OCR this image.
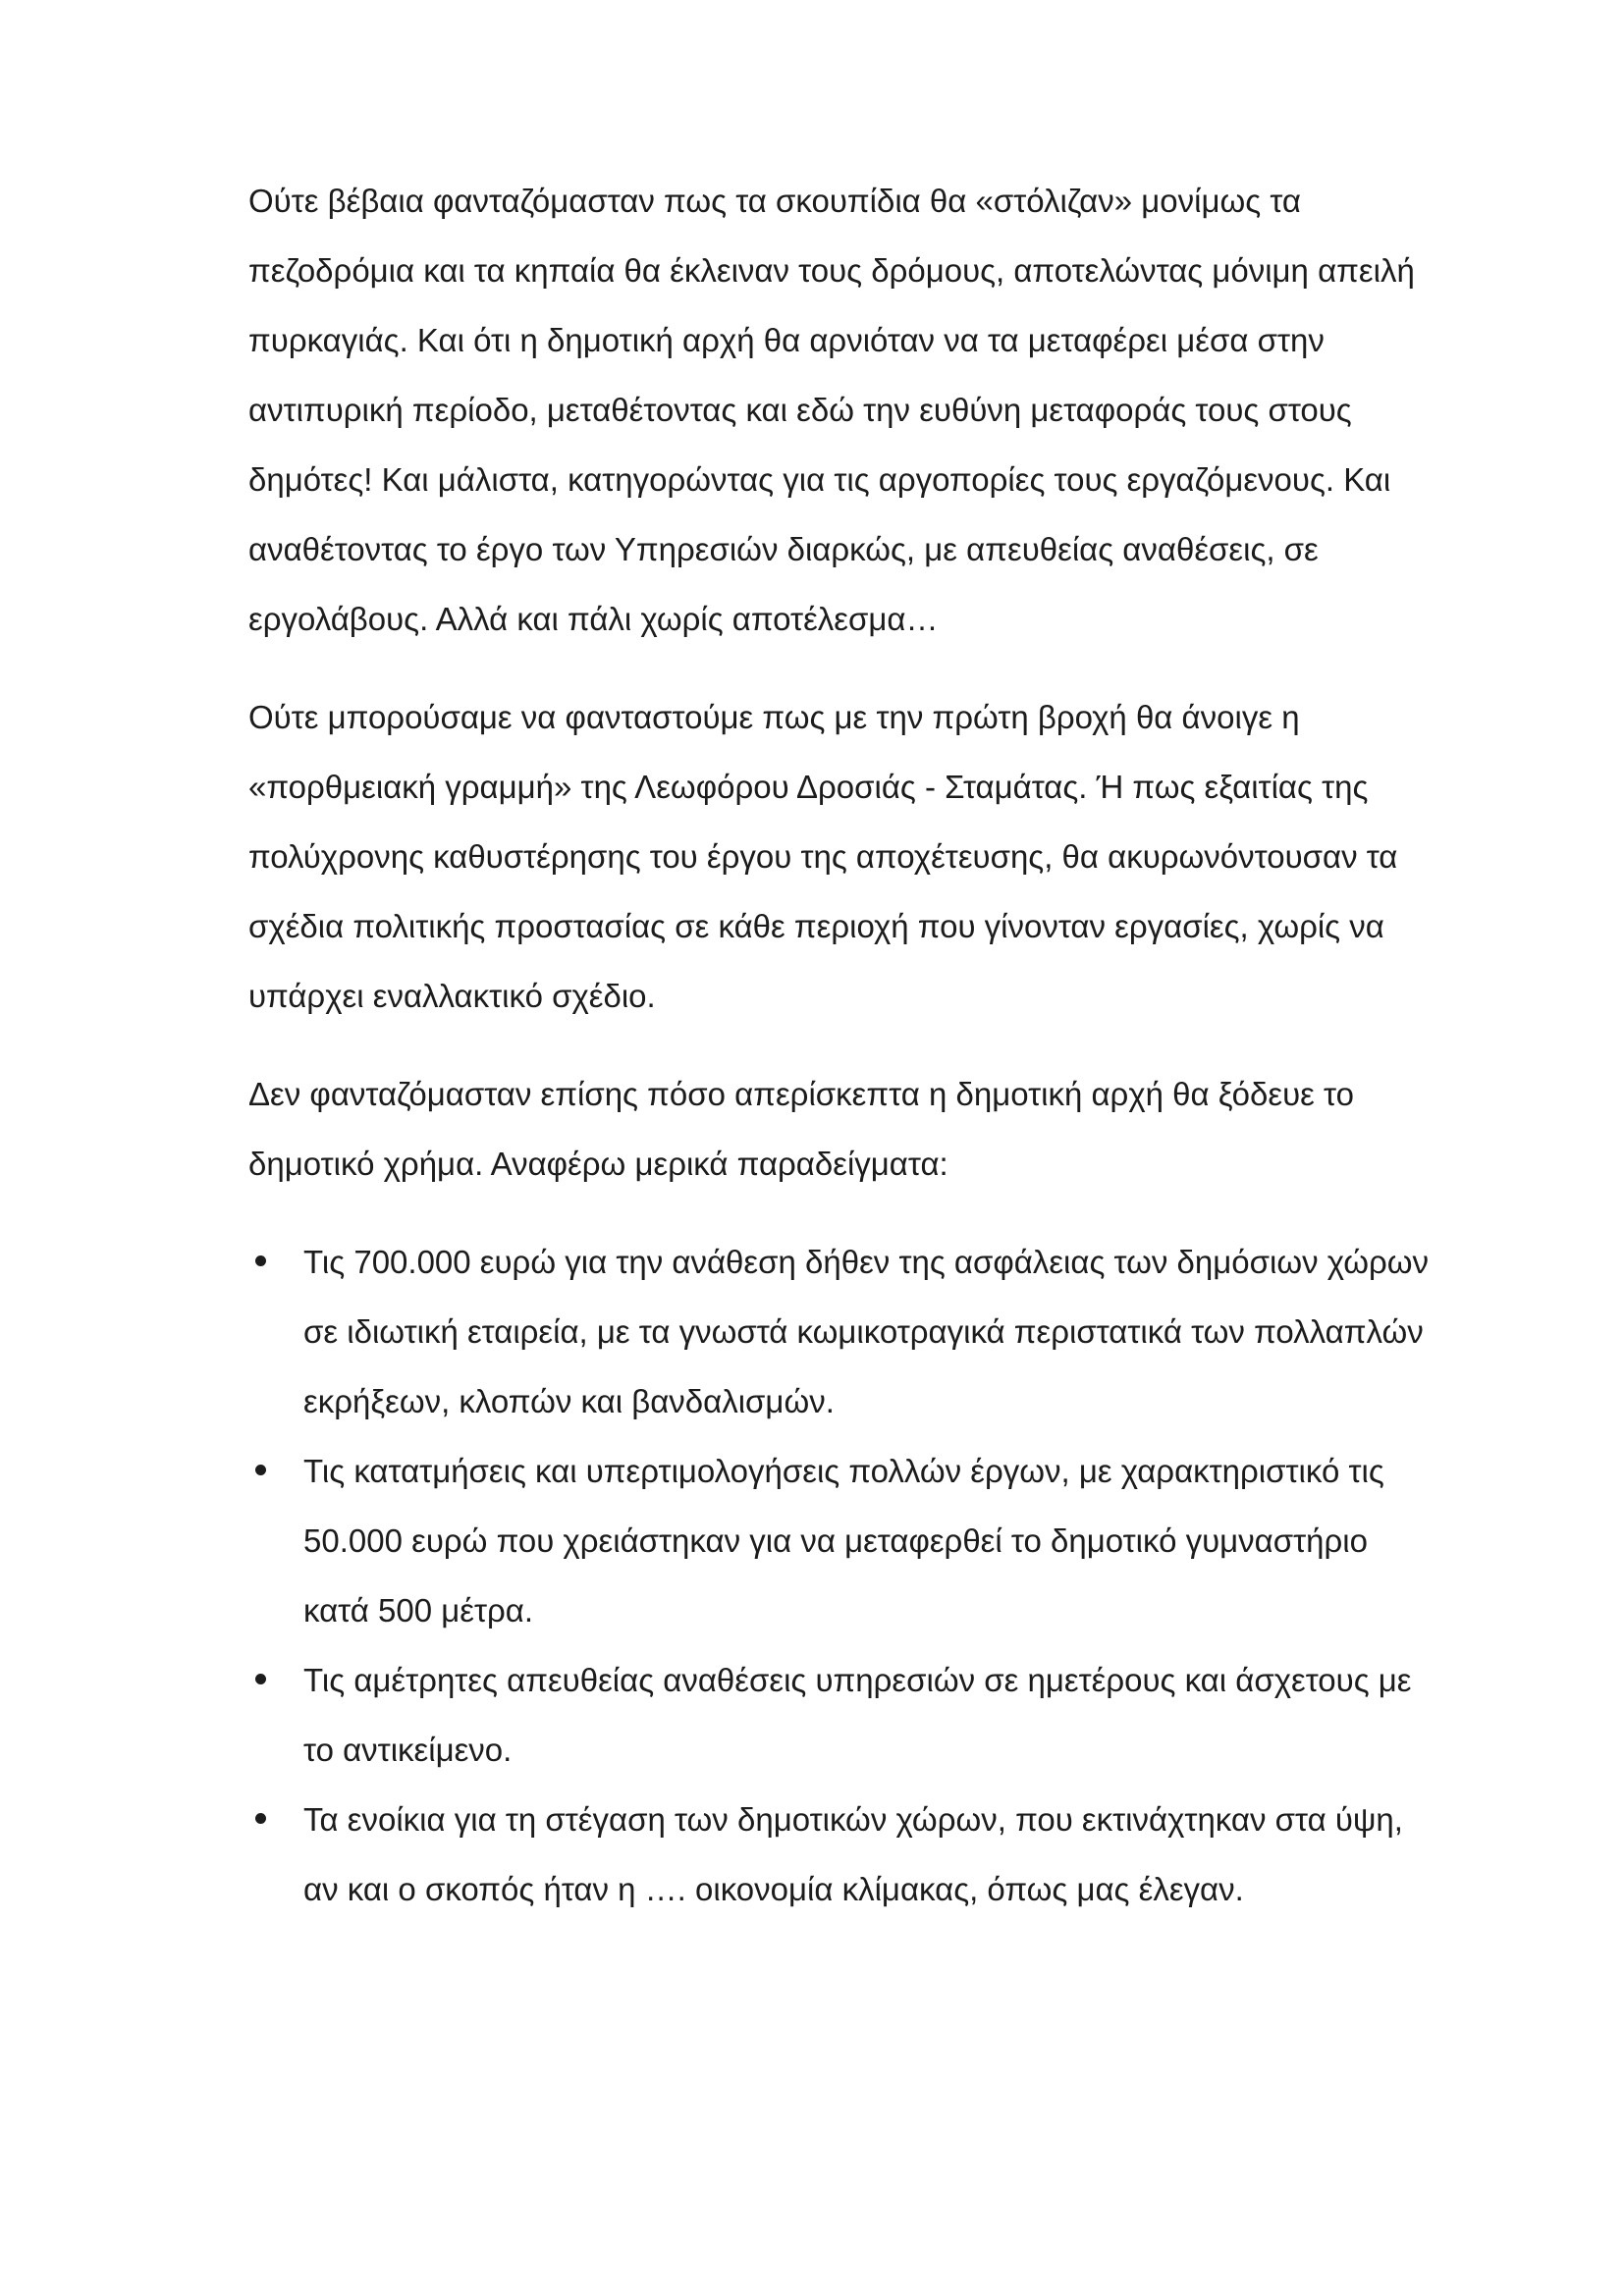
Ούτε βέβαια φανταζόμασταν πως τα σκουπίδια θα «στόλιζαν» μονίμως τα πεζοδρόμια και τα κηπαία θα έκλειναν τους δρόμους, αποτελώντας μόνιμη απειλή πυρκαγιάς. Και ότι η δημοτική αρχή θα αρνιόταν να τα μεταφέρει μέσα στην αντιπυρική περίοδο, μεταθέτοντας και εδώ την ευθύνη μεταφοράς τους στους δημότες! Και μάλιστα, κατηγορώντας για τις αργοπορίες τους εργαζόμενους. Και αναθέτοντας το έργο των Υπηρεσιών διαρκώς, με απευθείας αναθέσεις, σε εργολάβους. Αλλά και πάλι χωρίς αποτέλεσμα…

Ούτε μπορούσαμε να φανταστούμε πως με την πρώτη βροχή θα άνοιγε η «πορθμειακή γραμμή» της Λεωφόρου Δροσιάς - Σταμάτας. Ή πως εξαιτίας της πολύχρονης καθυστέρησης του έργου της αποχέτευσης, θα ακυρωνόντουσαν τα σχέδια πολιτικής προστασίας σε κάθε περιοχή που γίνονταν εργασίες, χωρίς να υπάρχει εναλλακτικό σχέδιο.

Δεν φανταζόμασταν επίσης πόσο απερίσκεπτα η δημοτική αρχή θα ξόδευε το δημοτικό χρήμα. Αναφέρω μερικά παραδείγματα:

Τις 700.000 ευρώ για την ανάθεση δήθεν της ασφάλειας των δημόσιων χώρων σε ιδιωτική εταιρεία, με τα γνωστά κωμικοτραγικά περιστατικά των πολλαπλών εκρήξεων, κλοπών και βανδαλισμών.
Τις κατατμήσεις και υπερτιμολογήσεις πολλών έργων, με χαρακτηριστικό τις 50.000 ευρώ που χρειάστηκαν για να μεταφερθεί το δημοτικό γυμναστήριο κατά 500 μέτρα.
Τις αμέτρητες απευθείας αναθέσεις υπηρεσιών σε ημετέρους και άσχετους με το αντικείμενο.
Τα ενοίκια για τη στέγαση των δημοτικών χώρων, που εκτινάχτηκαν στα ύψη, αν και ο σκοπός ήταν η …. οικονομία κλίμακας, όπως μας έλεγαν.
